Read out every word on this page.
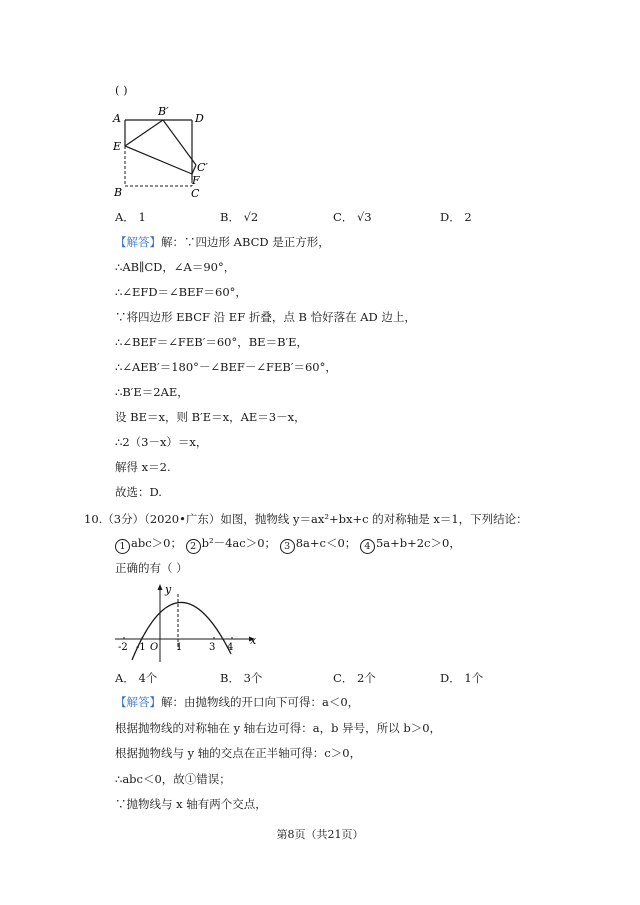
( )
A
B′
D
E
C′
F
B	C
A． 1	B． √2	C． √3	D． 2
【解答】解：∵四边形 ABCD 是正方形，
∴AB∥CD，∠A＝90°，
∴∠EFD＝∠BEF＝60°，
∵将四边形 EBCF 沿 EF 折叠，点 B 恰好落在 AD 边上，
∴∠BEF＝∠FEB′＝60°，BE＝B′E，
∴∠AEB′＝180°－∠BEF－∠FEB′＝60°，
∴B′E＝2AE，
设 BE＝x，则 B′E＝x，AE＝3－x，
∴2（3－x）＝x，
解得 x＝2.
故选：D.
10.（3分）（2020•广东）如图，抛物线 y＝ax²+bx+c 的对称轴是 x＝1，下列结论：
1 abc＞0； 2 b²－4ac＞0； 3 8a+c＜0； 4 5a+b+2c＞0，
正确的有（ ）
-2 -1 O 1	3 4
y
x
A． 4个	B． 3个	C． 2个	D． 1个
【解答】解：由抛物线的开口向下可得：a＜0，
根据抛物线的对称轴在 y 轴右边可得：a，b 异号，所以 b＞0，
根据抛物线与 y 轴的交点在正半轴可得：c＞0，
∴abc＜0，故①错误；
∵抛物线与 x 轴有两个交点，
第8页（共21页）
